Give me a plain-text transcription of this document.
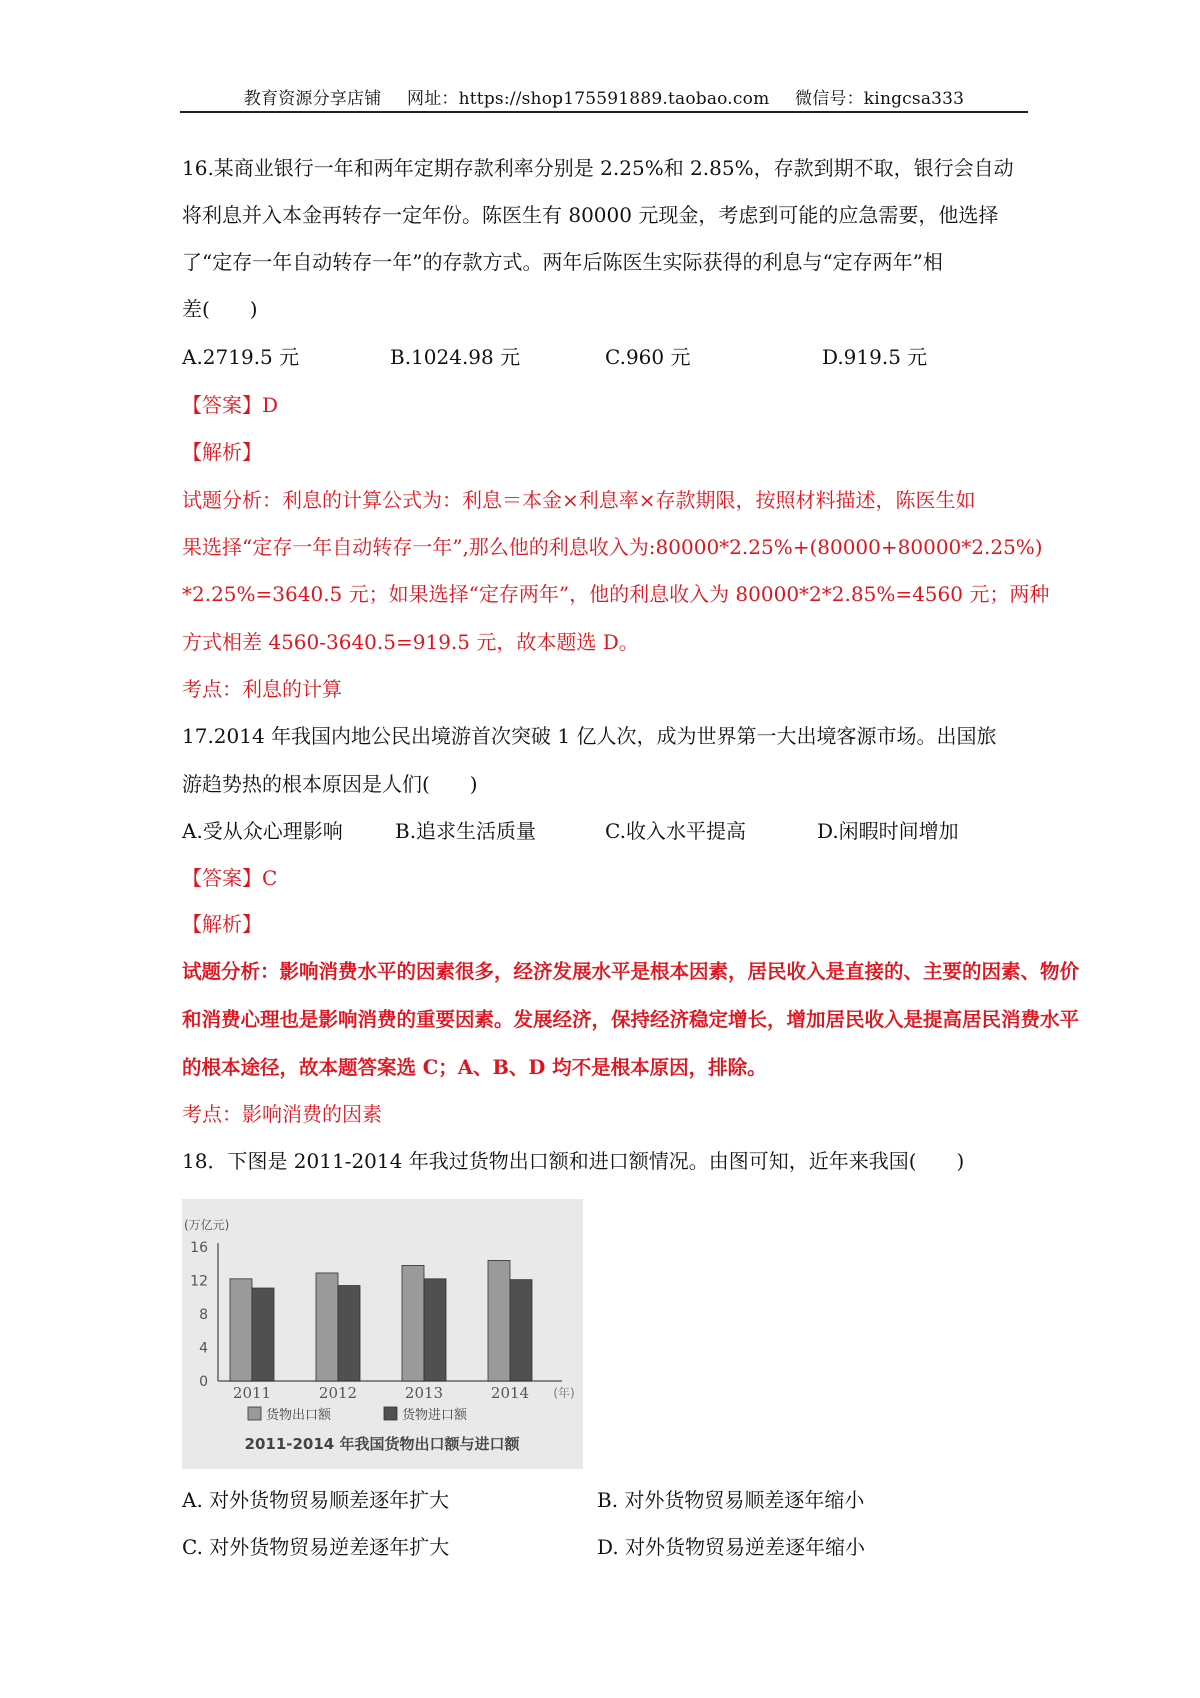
教育资源分享店铺 网址：https://shop175591889.taobao.com 微信号：kingcsa333
16.某商业银行一年和两年定期存款利率分别是 2.25%和 2.85%，存款到期不取，银行会自动
将利息并入本金再转存一定年份。陈医生有 80000 元现金，考虑到可能的应急需要，他选择
了“定存一年自动转存一年”的存款方式。两年后陈医生实际获得的利息与“定存两年”相
差(　　)
A.2719.5 元	B.1024.98 元	C.960 元	D.919.5 元
【答案】D
【解析】
试题分析：利息的计算公式为：利息＝本金×利息率×存款期限，按照材料描述，陈医生如
果选择“定存一年自动转存一年”,那么他的利息收入为:80000*2.25%+(80000+80000*2.25%)
*2.25%=3640.5 元；如果选择“定存两年”，他的利息收入为 80000*2*2.85%=4560 元；两种
方式相差 4560-3640.5=919.5 元，故本题选 D。
考点：利息的计算
17.2014 年我国内地公民出境游首次突破 1 亿人次，成为世界第一大出境客源市场。出国旅
游趋势热的根本原因是人们(　　)
A.受从众心理影响	B.追求生活质量	C.收入水平提高	D.闲暇时间增加
【答案】C
【解析】
试题分析：影响消费水平的因素很多，经济发展水平是根本因素，居民收入是直接的、主要的因素、物价
和消费心理也是影响消费的重要因素。发展经济，保持经济稳定增长，增加居民收入是提高居民消费水平
的根本途径，故本题答案选 C；A、B、D 均不是根本原因，排除。
考点：影响消费的因素
18．下图是 2011-2014 年我过货物出口额和进口额情况。由图可知，近年来我国(　　)
(万亿元)
0
4
8
12
16
2011	2012	2013	2014 (年)
货物出口额	货物进口额
2011-2014 年我国货物出口额与进口额
A. 对外货物贸易顺差逐年扩大	B. 对外货物贸易顺差逐年缩小
C. 对外货物贸易逆差逐年扩大	D. 对外货物贸易逆差逐年缩小
